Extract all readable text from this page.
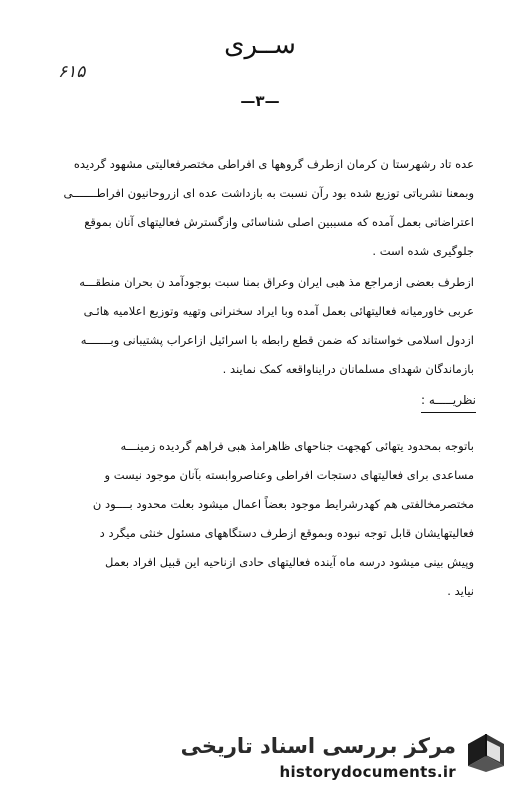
ســرى
۶۱۵
—۳—
عده تاد رشهرستا ن کرمان ازطرف گروهها ی افراطی مختصرفعالیتی مشهود گردیده
وبمعنا نشریاتی توزیع شده بود رآن نسبت به بازداشت عده ای ازروحانیون افراطـــــــی
اعتراضاتی بعمل آمده که مسببین اصلی شناسائی وازگسترش فعالیتهای آنان بموقع
جلوگیری شده است .
ازطرف بعضی ازمراجع مذ هبی ایران وعراق بمنا سبت بوجودآمد ن بحران منطقـــه
عربی خاورمیانه فعالیتهائی بعمل آمده وبا ایراد سخنرانی وتهیه وتوزیع اعلامیه هائـی
ازدول اسلامی خواستاند که ضمن قطع رابطه با اسرائیل ازاعراب پشتیبانی وبـــــــه
بازماندگان شهدای مسلمانان درایناواقعه کمک نمایند .
نظریـــــه :
باتوجه بمحدود یتهائی کهجهت جناحهای ظاهرامذ هبی فراهم گردیده زمینـــه
مساعدی برای فعالیتهای دستجات افراطی وعناصروابسته بآنان موجود نیست و
مختصرمخالفتی هم کهدرشرایط موجود بعضاً اعمال میشود بعلت محدود بــــود ن
فعالیتهایشان قابل توجه نبوده وبموقع ازطرف دستگاههای مسئول خنثی میگرد د
وپیش بینی میشود درسه ماه آینده فعالیتهای حادی ازناحیه این قبیل افراد بعمل
نیاید .
مرکز بررسی اسناد تاریخی
historydocuments.ir
